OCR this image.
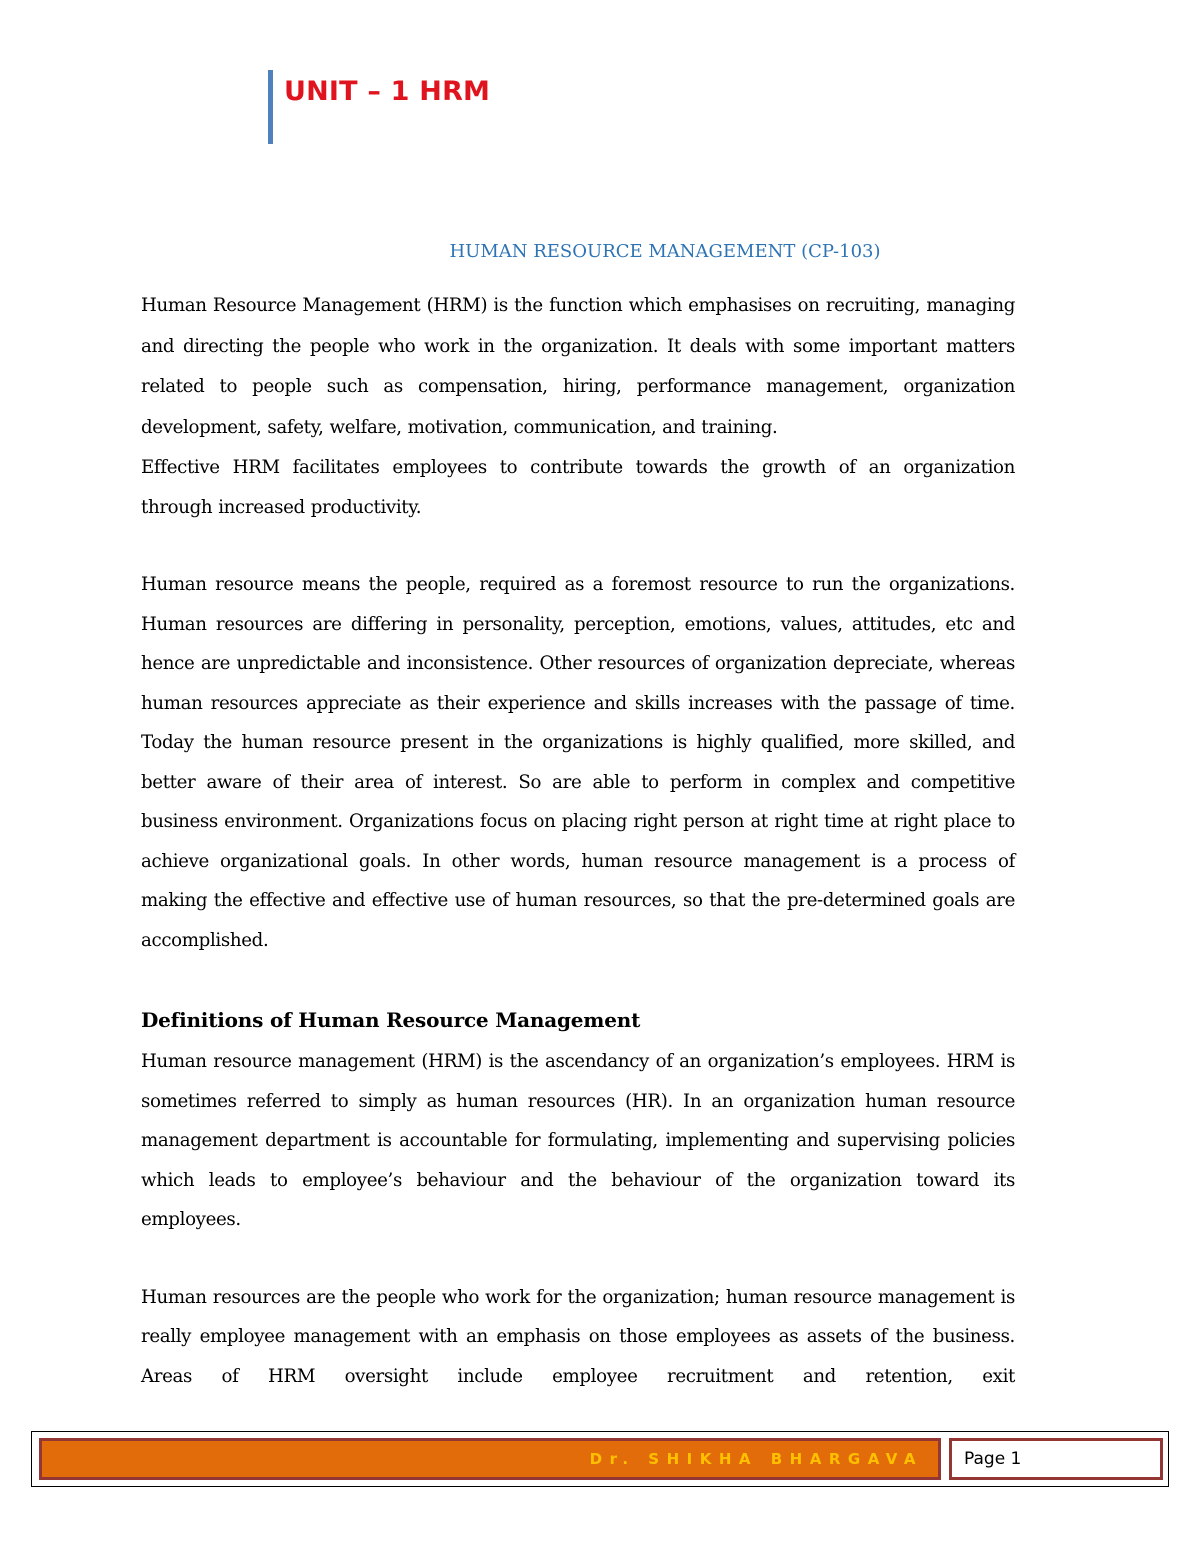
UNIT – 1 HRM
HUMAN RESOURCE MANAGEMENT (CP-103)

Human Resource Management (HRM) is the function which emphasises on recruiting, managing and directing the people who work in the organization. It deals with some important matters related to people such as compensation, hiring, performance management, organization development, safety, welfare, motivation, communication, and training.

Effective HRM facilitates employees to contribute towards the growth of an organization through increased productivity.

Human resource means the people, required as a foremost resource to run the organizations. Human resources are differing in personality, perception, emotions, values, attitudes, etc and hence are unpredictable and inconsistence. Other resources of organization depreciate, whereas human resources appreciate as their experience and skills increases with the passage of time. Today the human resource present in the organizations is highly qualified, more skilled, and better aware of their area of interest. So are able to perform in complex and competitive business environment. Organizations focus on placing right person at right time at right place to achieve organizational goals. In other words, human resource management is a process of making the effective and effective use of human resources, so that the pre-determined goals are accomplished.

Definitions of Human Resource Management

Human resource management (HRM) is the ascendancy of an organization’s employees. HRM is sometimes referred to simply as human resources (HR). In an organization human resource management department is accountable for formulating, implementing and supervising policies which leads to employee’s behaviour and the behaviour of the organization toward its employees.

Human resources are the people who work for the organization; human resource management is really employee management with an emphasis on those employees as assets of the business. Areas of HRM oversight include employee recruitment and retention, exit

Dr. SHIKHA BHARGAVA	Page 1
